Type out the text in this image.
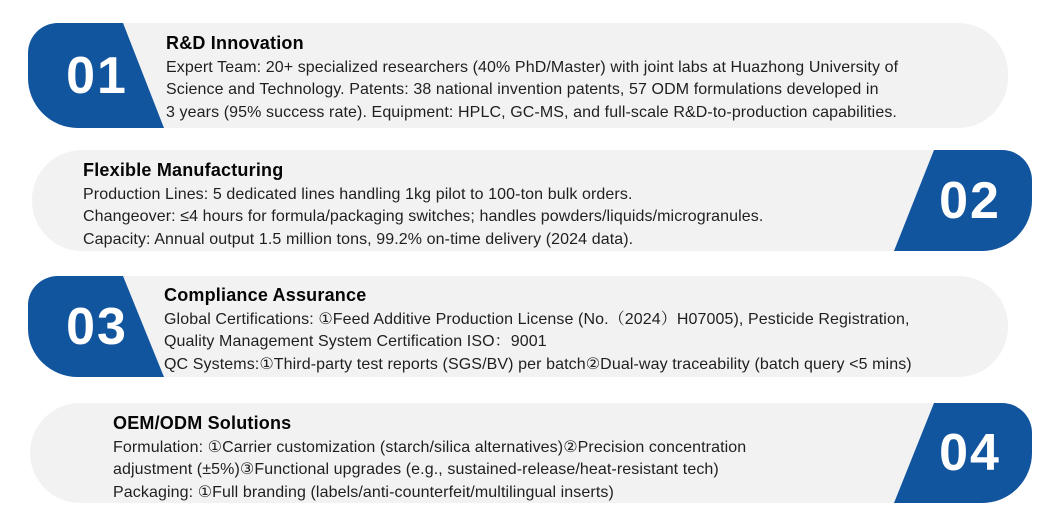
01
R&D Innovation
Expert Team: 20+ specialized researchers (40% PhD/Master) with joint labs at Huazhong University of
Science and Technology. Patents: 38 national invention patents, 57 ODM formulations developed in
3 years (95% success rate). Equipment: HPLC, GC-MS, and full-scale R&D-to-production capabilities.
02
Flexible Manufacturing
Production Lines: 5 dedicated lines handling 1kg pilot to 100-ton bulk orders.
Changeover: ≤4 hours for formula/packaging switches; handles powders/liquids/microgranules.
Capacity: Annual output 1.5 million tons, 99.2% on-time delivery (2024 data).
03
Compliance Assurance
Global Certifications: ①Feed Additive Production License (No.（2024）H07005), Pesticide Registration,
Quality Management System Certification ISO：9001
QC Systems:①Third-party test reports (SGS/BV) per batch②Dual-way traceability (batch query <5 mins)
04
OEM/ODM Solutions
Formulation: ①Carrier customization (starch/silica alternatives)②Precision concentration
adjustment (±5%)③Functional upgrades (e.g., sustained-release/heat-resistant tech)
Packaging: ①Full branding (labels/anti-counterfeit/multilingual inserts)
